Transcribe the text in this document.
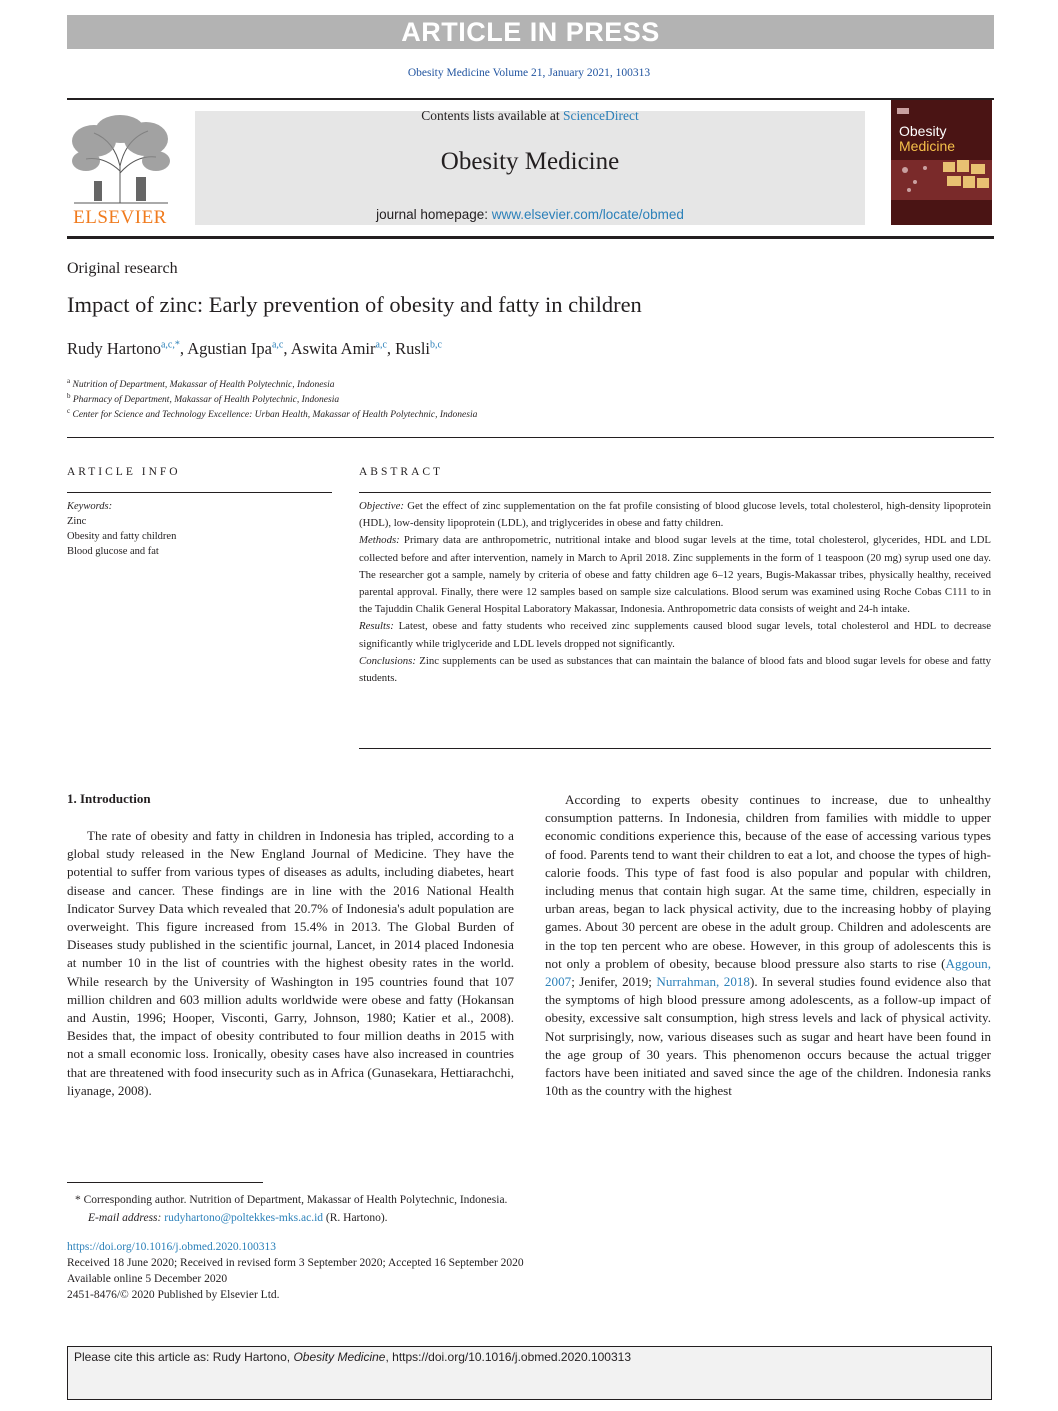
ARTICLE IN PRESS
Obesity Medicine Volume 21, January 2021, 100313
ELSEVIER
Contents lists available at ScienceDirect
Obesity Medicine
journal homepage: www.elsevier.com/locate/obmed
Obesity
Medicine
Original research
Impact of zinc: Early prevention of obesity and fatty in children
Rudy Hartono$^{a,c,*}$, Agustian Ipa$^{a,c}$, Aswita Amir$^{a,c}$, Rusli$^{b,c}$
$^a$ Nutrition of Department, Makassar of Health Polytechnic, Indonesia
$^b$ Pharmacy of Department, Makassar of Health Polytechnic, Indonesia
$^c$ Center for Science and Technology Excellence: Urban Health, Makassar of Health Polytechnic, Indonesia
ARTICLE INFO
Keywords:
Zinc
Obesity and fatty children
Blood glucose and fat
ABSTRACT
Objective: Get the effect of zinc supplementation on the fat profile consisting of blood glucose levels, total cholesterol, high-density lipoprotein (HDL), low-density lipoprotein (LDL), and triglycerides in obese and fatty children.
Methods: Primary data are anthropometric, nutritional intake and blood sugar levels at the time, total cholesterol, glycerides, HDL and LDL collected before and after intervention, namely in March to April 2018. Zinc supplements in the form of 1 teaspoon (20 mg) syrup used one day. The researcher got a sample, namely by criteria of obese and fatty children age 6–12 years, Bugis-Makassar tribes, physically healthy, received parental approval. Finally, there were 12 samples based on sample size calculations. Blood serum was examined using Roche Cobas C111 to in the Tajuddin Chalik General Hospital Laboratory Makassar, Indonesia. Anthropometric data consists of weight and 24-h intake.
Results: Latest, obese and fatty students who received zinc supplements caused blood sugar levels, total cholesterol and HDL to decrease significantly while triglyceride and LDL levels dropped not significantly.
Conclusions: Zinc supplements can be used as substances that can maintain the balance of blood fats and blood sugar levels for obese and fatty students.
1. Introduction

The rate of obesity and fatty in children in Indonesia has tripled, according to a global study released in the New England Journal of Medicine. They have the potential to suffer from various types of diseases as adults, including diabetes, heart disease and cancer. These findings are in line with the 2016 National Health Indicator Survey Data which revealed that 20.7% of Indonesia's adult population are overweight. This figure increased from 15.4% in 2013. The Global Burden of Diseases study published in the scientific journal, Lancet, in 2014 placed Indonesia at number 10 in the list of countries with the highest obesity rates in the world. While research by the University of Washington in 195 countries found that 107 million children and 603 million adults worldwide were obese and fatty (Hokansan and Austin, 1996; Hooper, Visconti, Garry, Johnson, 1980; Katier et al., 2008). Besides that, the impact of obesity contributed to four million deaths in 2015 with not a small economic loss. Ironically, obesity cases have also increased in countries that are threatened with food insecurity such as in Africa (Gunasekara, Hettiarachchi, liyanage, 2008).

According to experts obesity continues to increase, due to unhealthy consumption patterns. In Indonesia, children from families with middle to upper economic conditions experience this, because of the ease of accessing various types of food. Parents tend to want their children to eat a lot, and choose the types of high-calorie foods. This type of fast food is also popular and popular with children, including menus that contain high sugar. At the same time, children, especially in urban areas, began to lack physical activity, due to the increasing hobby of playing games. About 30 percent are obese in the adult group. Children and adolescents are in the top ten percent who are obese. However, in this group of adolescents this is not only a problem of obesity, because blood pressure also starts to rise (Aggoun, 2007; Jenifer, 2019; Nurrahman, 2018). In several studies found evidence also that the symptoms of high blood pressure among adolescents, as a follow-up impact of obesity, excessive salt consumption, high stress levels and lack of physical activity. Not surprisingly, now, various diseases such as sugar and heart have been found in the age group of 30 years. This phenomenon occurs because the actual trigger factors have been initiated and saved since the age of the children. Indonesia ranks 10th as the country with the highest

* Corresponding author. Nutrition of Department, Makassar of Health Polytechnic, Indonesia.
E-mail address: rudyhartono@poltekkes-mks.ac.id (R. Hartono).
https://doi.org/10.1016/j.obmed.2020.100313
Received 18 June 2020; Received in revised form 3 September 2020; Accepted 16 September 2020
Available online 5 December 2020
2451-8476/© 2020 Published by Elsevier Ltd.
Please cite this article as: Rudy Hartono, Obesity Medicine, https://doi.org/10.1016/j.obmed.2020.100313
